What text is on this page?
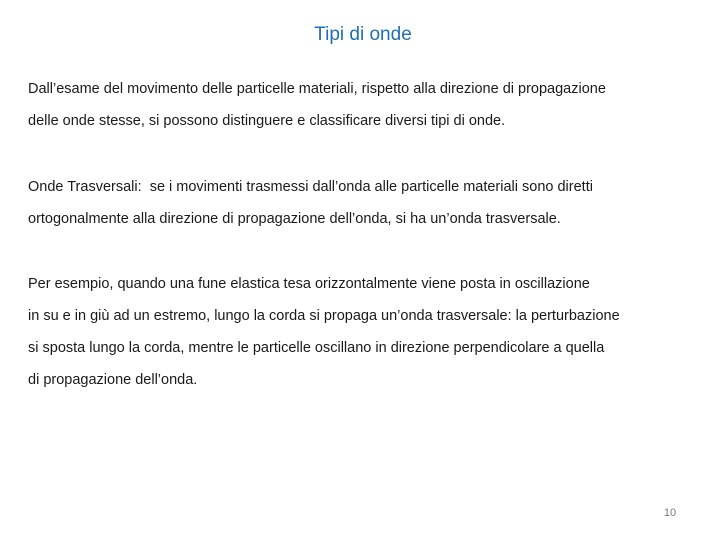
Tipi di onde

Dall’esame del movimento delle particelle materiali, rispetto alla direzione di propagazione
delle onde stesse, si possono distinguere e classificare diversi tipi di onde.

Onde Trasversali:  se i movimenti trasmessi dall’onda alle particelle materiali sono diretti
ortogonalmente alla direzione di propagazione dell’onda, si ha un’onda trasversale.

Per esempio, quando una fune elastica tesa orizzontalmente viene posta in oscillazione
in su e in giù ad un estremo, lungo la corda si propaga un’onda trasversale: la perturbazione
si sposta lungo la corda, mentre le particelle oscillano in direzione perpendicolare a quella
di propagazione dell’onda.

10
